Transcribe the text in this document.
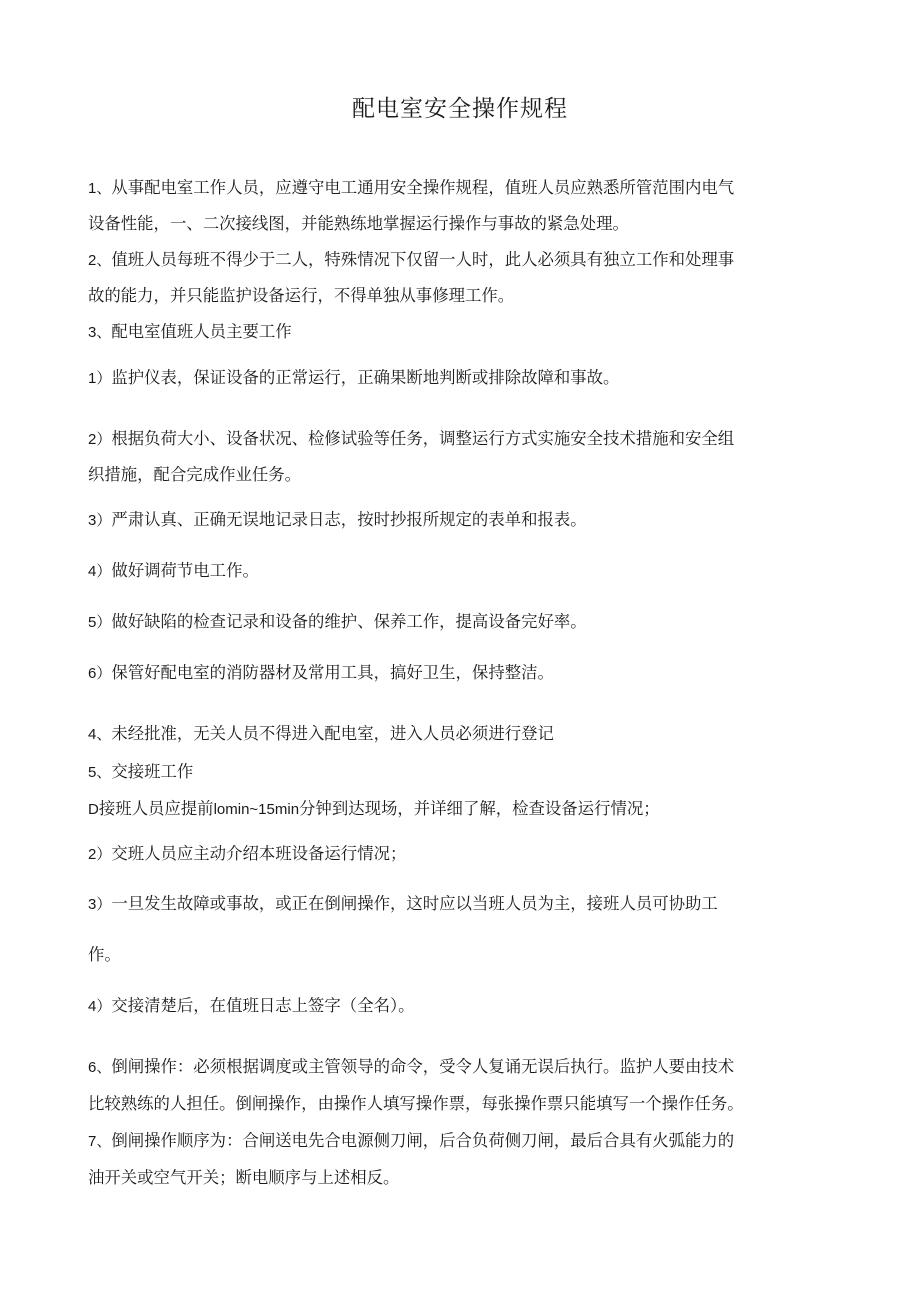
配电室安全操作规程
1、从事配电室工作人员，应遵守电工通用安全操作规程，值班人员应熟悉所管范围内电气
设备性能，一、二次接线图，并能熟练地掌握运行操作与事故的紧急处理。
2、值班人员每班不得少于二人，特殊情况下仅留一人时，此人必须具有独立工作和处理事
故的能力，并只能监护设备运行，不得单独从事修理工作。
3、配电室值班人员主要工作
1）监护仪表，保证设备的正常运行，正确果断地判断或排除故障和事故。
2）根据负荷大小、设备状况、检修试验等任务，调整运行方式实施安全技术措施和安全组
织措施，配合完成作业任务。
3）严肃认真、正确无误地记录日志，按时抄报所规定的表单和报表。
4）做好调荷节电工作。
5）做好缺陷的检查记录和设备的维护、保养工作，提高设备完好率。
6）保管好配电室的消防器材及常用工具，搞好卫生，保持整洁。
4、未经批准，无关人员不得进入配电室，进入人员必须进行登记
5、交接班工作
D接班人员应提前lomin~15min分钟到达现场，并详细了解，检查设备运行情况；
2）交班人员应主动介绍本班设备运行情况；
3）一旦发生故障或事故，或正在倒闸操作，这时应以当班人员为主，接班人员可协助工
作。
4）交接清楚后，在值班日志上签字（全名）。
6、倒闸操作：必须根据调度或主管领导的命令，受令人复诵无误后执行。监护人要由技术
比较熟练的人担任。倒闸操作，由操作人填写操作票，每张操作票只能填写一个操作任务。
7、倒闸操作顺序为：合闸送电先合电源侧刀闸，后合负荷侧刀闸，最后合具有火弧能力的
油开关或空气开关；断电顺序与上述相反。
